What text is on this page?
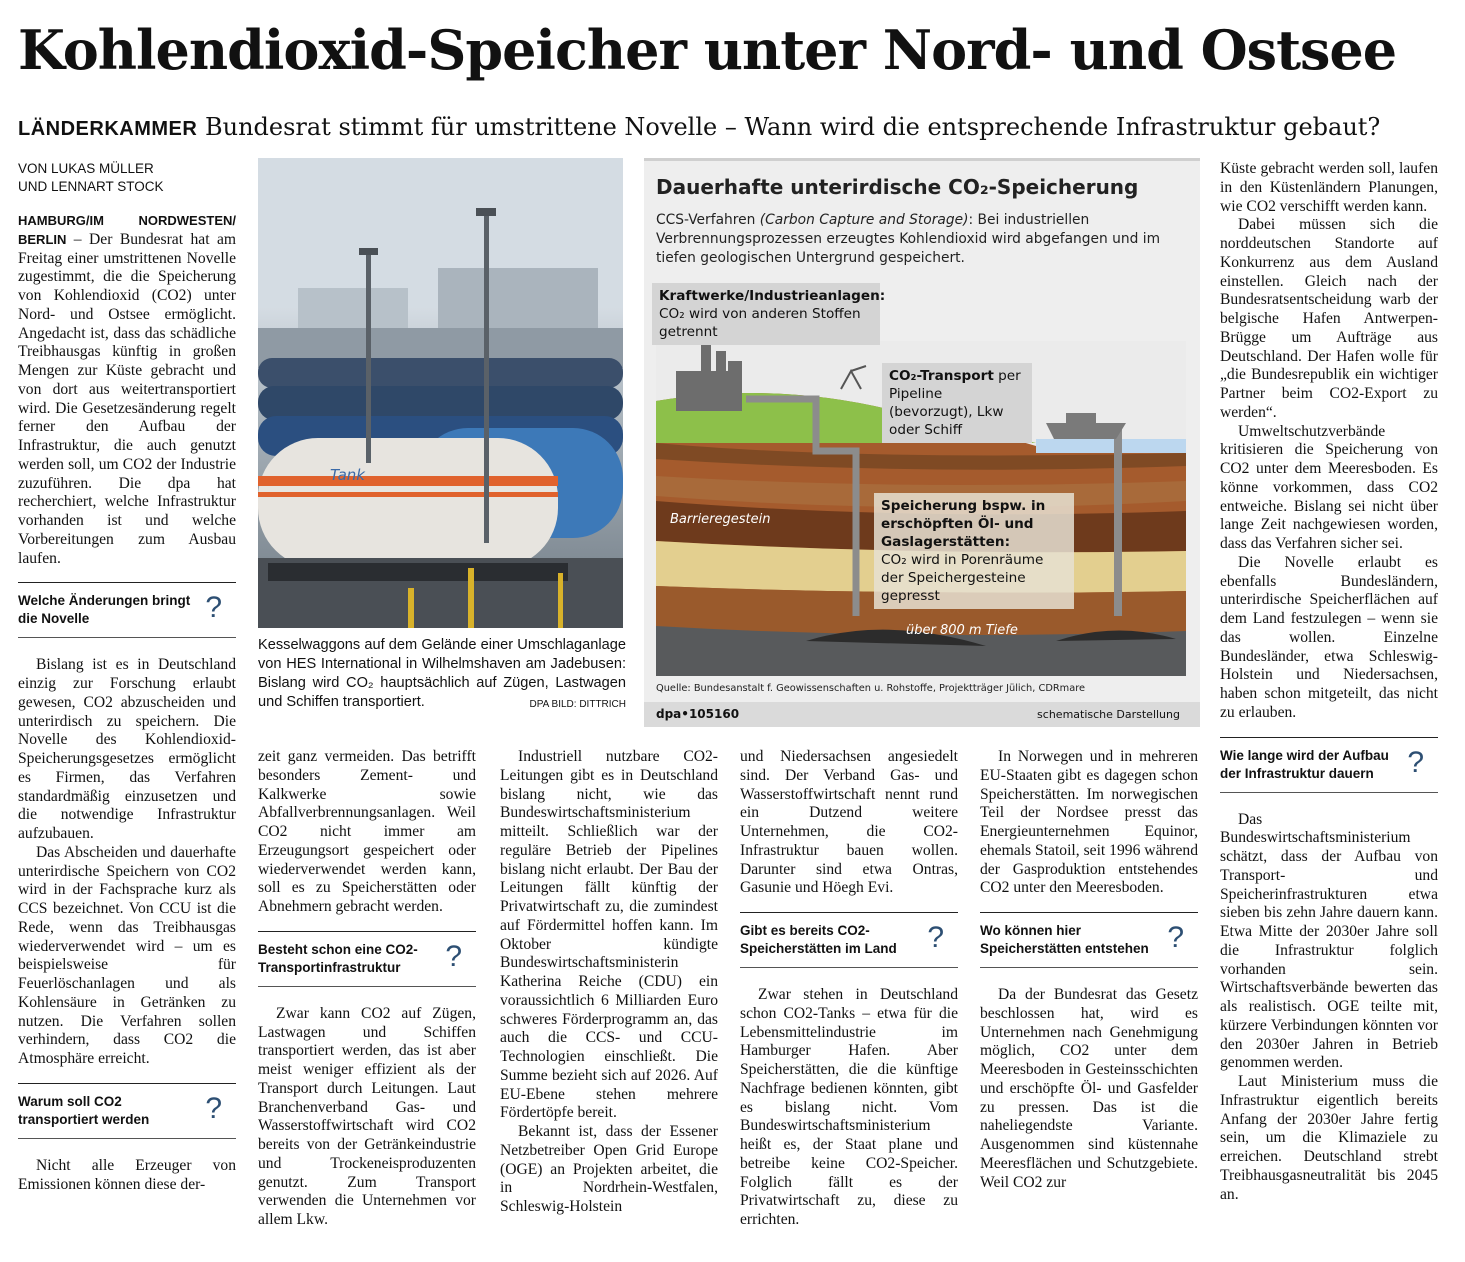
Kohlendioxid-Speicher unter Nord- und Ostsee
LÄNDERKAMMER Bundesrat stimmt für umstrittene Novelle – Wann wird die entsprechende Infrastruktur gebaut?
VON LUKAS MÜLLER
UND LENNART STOCK

HAMBURG/IM NORDWESTEN/ BERLIN – Der Bundesrat hat am Freitag einer umstrittenen Novelle zugestimmt, die die Speicherung von Kohlendioxid (CO2) unter Nord- und Ostsee ermöglicht. Angedacht ist, dass das schädliche Treibhausgas künftig in großen Mengen zur Küste gebracht und von dort aus weitertransportiert wird. Die Gesetzesänderung regelt ferner den Aufbau der Infrastruktur, die auch genutzt werden soll, um CO2 der Industrie zuzuführen. Die dpa hat recherchiert, welche Infrastruktur vorhanden ist und welche Vorbereitungen zum Ausbau laufen.

Welche Änderungen bringt die Novelle	?

Bislang ist es in Deutschland einzig zur Forschung erlaubt gewesen, CO2 abzuscheiden und unterirdisch zu speichern. Die Novelle des Kohlendioxid-Speicherungsgesetzes ermöglicht es Firmen, das Verfahren standardmäßig einzusetzen und die notwendige Infrastruktur aufzubauen.

Das Abscheiden und dauerhafte unterirdische Speichern von CO2 wird in der Fachsprache kurz als CCS bezeichnet. Von CCU ist die Rede, wenn das Treibhausgas wiederverwendet wird – um es beispielsweise für Feuerlöschanlagen und als Kohlensäure in Getränken zu nutzen. Die Verfahren sollen verhindern, dass CO2 die Atmosphäre erreicht.

Warum soll CO2 transportiert werden	?

Nicht alle Erzeuger von Emissionen können diese der-

Tank
Kesselwaggons auf dem Gelände einer Umschlaganlage von HES International in Wilhelmshaven am Jadebusen: Bislang wird CO₂ hauptsächlich auf Zügen, Lastwagen und Schiffen transportiert.	DPA BILD: DITTRICH
Dauerhafte unterirdische CO₂-Speicherung
CCS-Verfahren (Carbon Capture and Storage): Bei industriellen Verbrennungsprozessen erzeugtes Kohlendioxid wird abgefangen und im tiefen geologischen Untergrund gespeichert.
Barrieregestein
über 800 m Tiefe
Kraftwerke/Industrieanlagen:
CO₂ wird von anderen Stoffen getrennt
CO₂-Transport per Pipeline (bevorzugt), Lkw oder Schiff
Speicherung bspw. in erschöpften Öl- und Gaslagerstätten:
CO₂ wird in Porenräume der Speichergesteine gepresst
Quelle: Bundesanstalt f. Geowissenschaften u. Rohstoffe, Projektträger Jülich, CDRmare
dpa•105160	schematische Darstellung

zeit ganz vermeiden. Das betrifft besonders Zement- und Kalkwerke sowie Abfallverbrennungsanlagen. Weil CO2 nicht immer am Erzeugungsort gespeichert oder wiederverwendet werden kann, soll es zu Speicherstätten oder Abnehmern gebracht werden.

Besteht schon eine CO2-Transportinfrastruktur	?

Zwar kann CO2 auf Zügen, Lastwagen und Schiffen transportiert werden, das ist aber meist weniger effizient als der Transport durch Leitungen. Laut Branchenverband Gas- und Wasserstoffwirtschaft wird CO2 bereits von der Getränkeindustrie und Trockeneisproduzenten genutzt. Zum Transport verwenden die Unternehmen vor allem Lkw.

Industriell nutzbare CO2-Leitungen gibt es in Deutschland bislang nicht, wie das Bundeswirtschaftsministerium mitteilt. Schließlich war der reguläre Betrieb der Pipelines bislang nicht erlaubt. Der Bau der Leitungen fällt künftig der Privatwirtschaft zu, die zumindest auf Fördermittel hoffen kann. Im Oktober kündigte Bundeswirtschaftsministerin Katherina Reiche (CDU) ein voraussichtlich 6 Milliarden Euro schweres Förderprogramm an, das auch die CCS- und CCU-Technologien einschließt. Die Summe bezieht sich auf 2026. Auf EU-Ebene stehen mehrere Fördertöpfe bereit.

Bekannt ist, dass der Essener Netzbetreiber Open Grid Europe (OGE) an Projekten arbeitet, die in Nordrhein-Westfalen, Schleswig-Holstein

und Niedersachsen angesiedelt sind. Der Verband Gas- und Wasserstoffwirtschaft nennt rund ein Dutzend weitere Unternehmen, die CO2-Infrastruktur bauen wollen. Darunter sind etwa Ontras, Gasunie und Höegh Evi.

Gibt es bereits CO2-Speicherstätten im Land	?

Zwar stehen in Deutschland schon CO2-Tanks – etwa für die Lebensmittelindustrie im Hamburger Hafen. Aber Speicherstätten, die die künftige Nachfrage bedienen könnten, gibt es bislang nicht. Vom Bundeswirtschaftsministerium heißt es, der Staat plane und betreibe keine CO2-Speicher. Folglich fällt es der Privatwirtschaft zu, diese zu errichten.

In Norwegen und in mehreren EU-Staaten gibt es dagegen schon Speicherstätten. Im norwegischen Teil der Nordsee presst das Energieunternehmen Equinor, ehemals Statoil, seit 1996 während der Gasproduktion entstehendes CO2 unter den Meeresboden.

Wo können hier Speicherstätten entstehen ?

Da der Bundesrat das Gesetz beschlossen hat, wird es Unternehmen nach Genehmigung möglich, CO2 unter dem Meeresboden in Gesteinsschichten und erschöpfte Öl- und Gasfelder zu pressen. Das ist die naheliegendste Variante. Ausgenommen sind küstennahe Meeresflächen und Schutzgebiete. Weil CO2 zur

Küste gebracht werden soll, laufen in den Küstenländern Planungen, wie CO2 verschifft werden kann.

Dabei müssen sich die norddeutschen Standorte auf Konkurrenz aus dem Ausland einstellen. Gleich nach der Bundesratsentscheidung warb der belgische Hafen Antwerpen-Brügge um Aufträge aus Deutschland. Der Hafen wolle für „die Bundesrepublik ein wichtiger Partner beim CO2-Export zu werden“.

Umweltschutzverbände kritisieren die Speicherung von CO2 unter dem Meeresboden. Es könne vorkommen, dass CO2 entweiche. Bislang sei nicht über lange Zeit nachgewiesen worden, dass das Verfahren sicher sei.

Die Novelle erlaubt es ebenfalls Bundesländern, unterirdische Speicherflächen auf dem Land festzulegen – wenn sie das wollen. Einzelne Bundesländer, etwa Schleswig-Holstein und Niedersachsen, haben schon mitgeteilt, das nicht zu erlauben.

Wie lange wird der Aufbau der Infrastruktur dauern	?

Das Bundeswirtschaftsministerium schätzt, dass der Aufbau von Transport- und Speicherinfrastrukturen etwa sieben bis zehn Jahre dauern kann. Etwa Mitte der 2030er Jahre soll die Infrastruktur folglich vorhanden sein. Wirtschaftsverbände bewerten das als realistisch. OGE teilte mit, kürzere Verbindungen könnten vor den 2030er Jahren in Betrieb genommen werden.

Laut Ministerium muss die Infrastruktur eigentlich bereits Anfang der 2030er Jahre fertig sein, um die Klimaziele zu erreichen. Deutschland strebt Treibhausgasneutralität bis 2045 an.
